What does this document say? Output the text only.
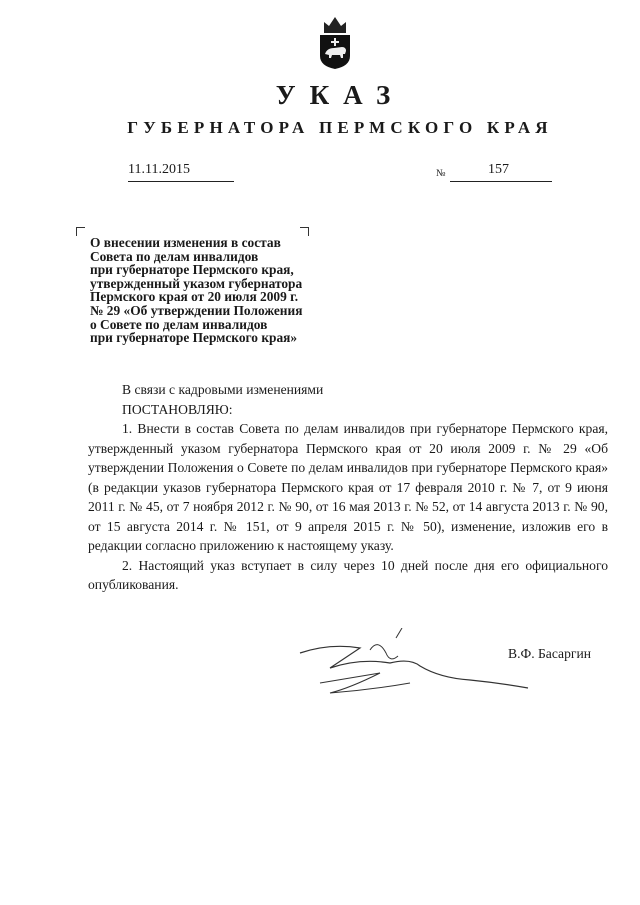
УКАЗ
ГУБЕРНАТОРА ПЕРМСКОГО КРАЯ
11.11.2015	№	157
О внесении изменения в состав
Совета по делам инвалидов
при губернаторе Пермского края,
утвержденный указом губернатора
Пермского края от 20 июля 2009 г.
№ 29 «Об утверждении Положения
о Совете по делам инвалидов
при губернаторе Пермского края»
В связи с кадровыми изменениями
ПОСТАНОВЛЯЮ:
1. Внести в состав Совета по делам инвалидов при губернаторе Пермского края, утвержденный указом губернатора Пермского края от 20 июля 2009 г. № 29 «Об утверждении Положения о Совете по делам инвалидов при губернаторе Пермского края» (в редакции указов губернатора Пермского края от 17 февраля 2010 г. № 7, от 9 июня 2011 г. № 45, от 7 ноября 2012 г. № 90, от 16 мая 2013 г. № 52, от 14 августа 2013 г. № 90, от 15 августа 2014 г. № 151, от 9 апреля 2015 г. № 50), изменение, изложив его в редакции согласно приложению к настоящему указу.
2. Настоящий указ вступает в силу через 10 дней после дня его официального опубликования.
В.Ф. Басаргин
